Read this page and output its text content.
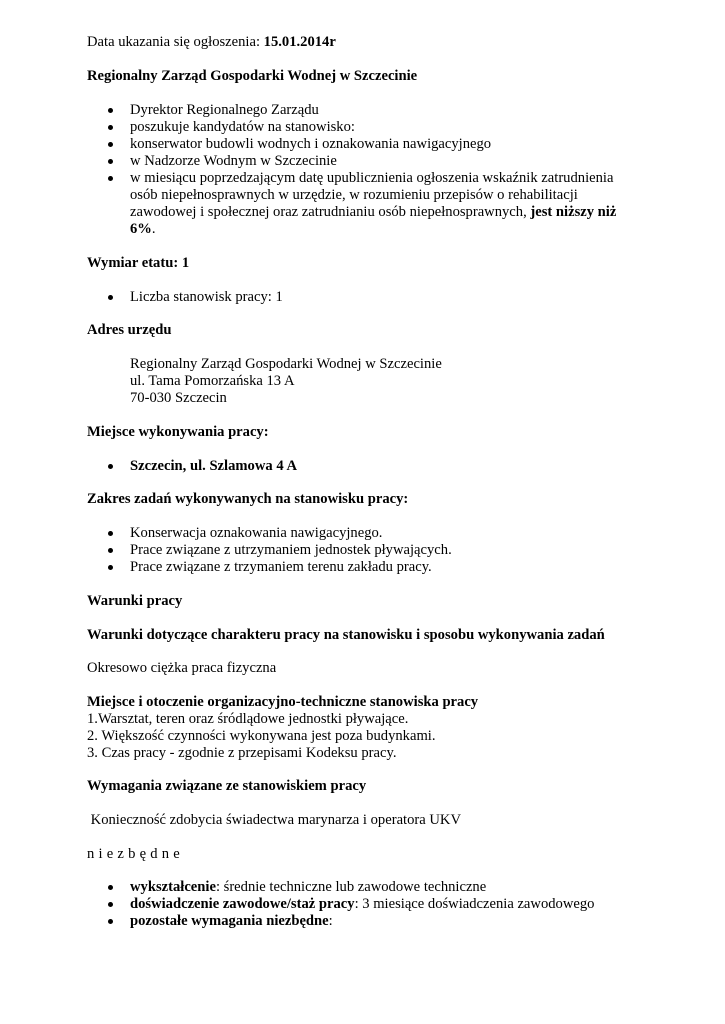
Data ukazania się ogłoszenia: 15.01.2014r
Regionalny Zarząd Gospodarki Wodnej w Szczecinie
Dyrektor Regionalnego Zarządu
poszukuje kandydatów na stanowisko:
konserwator budowli wodnych i oznakowania nawigacyjnego
w Nadzorze Wodnym w Szczecinie
w miesiącu poprzedzającym datę upublicznienia ogłoszenia wskaźnik zatrudnienia
osób niepełnosprawnych w urzędzie, w rozumieniu przepisów o rehabilitacji
zawodowej i społecznej oraz zatrudnianiu osób niepełnosprawnych, jest niższy niż
6%.
Wymiar etatu: 1
Liczba stanowisk pracy: 1
Adres urzędu
Regionalny Zarząd Gospodarki Wodnej w Szczecinie
ul. Tama Pomorzańska 13 A
70-030 Szczecin
Miejsce wykonywania pracy:
Szczecin, ul. Szlamowa 4 A
Zakres zadań wykonywanych na stanowisku pracy:
Konserwacja oznakowania nawigacyjnego.
Prace związane z utrzymaniem jednostek pływających.
Prace związane z trzymaniem terenu zakładu pracy.
Warunki pracy
Warunki dotyczące charakteru pracy na stanowisku i sposobu wykonywania zadań
Okresowo ciężka praca fizyczna
Miejsce i otoczenie organizacyjno-techniczne stanowiska pracy
1.Warsztat, teren oraz śródlądowe jednostki pływające.
2. Większość czynności wykonywana jest poza budynkami.
3. Czas pracy - zgodnie z przepisami Kodeksu pracy.
Wymagania związane ze stanowiskiem pracy
Konieczność zdobycia świadectwa marynarza i operatora UKV
niezbędne
wykształcenie: średnie techniczne lub zawodowe techniczne
doświadczenie zawodowe/staż pracy: 3 miesiące doświadczenia zawodowego
pozostałe wymagania niezbędne:
